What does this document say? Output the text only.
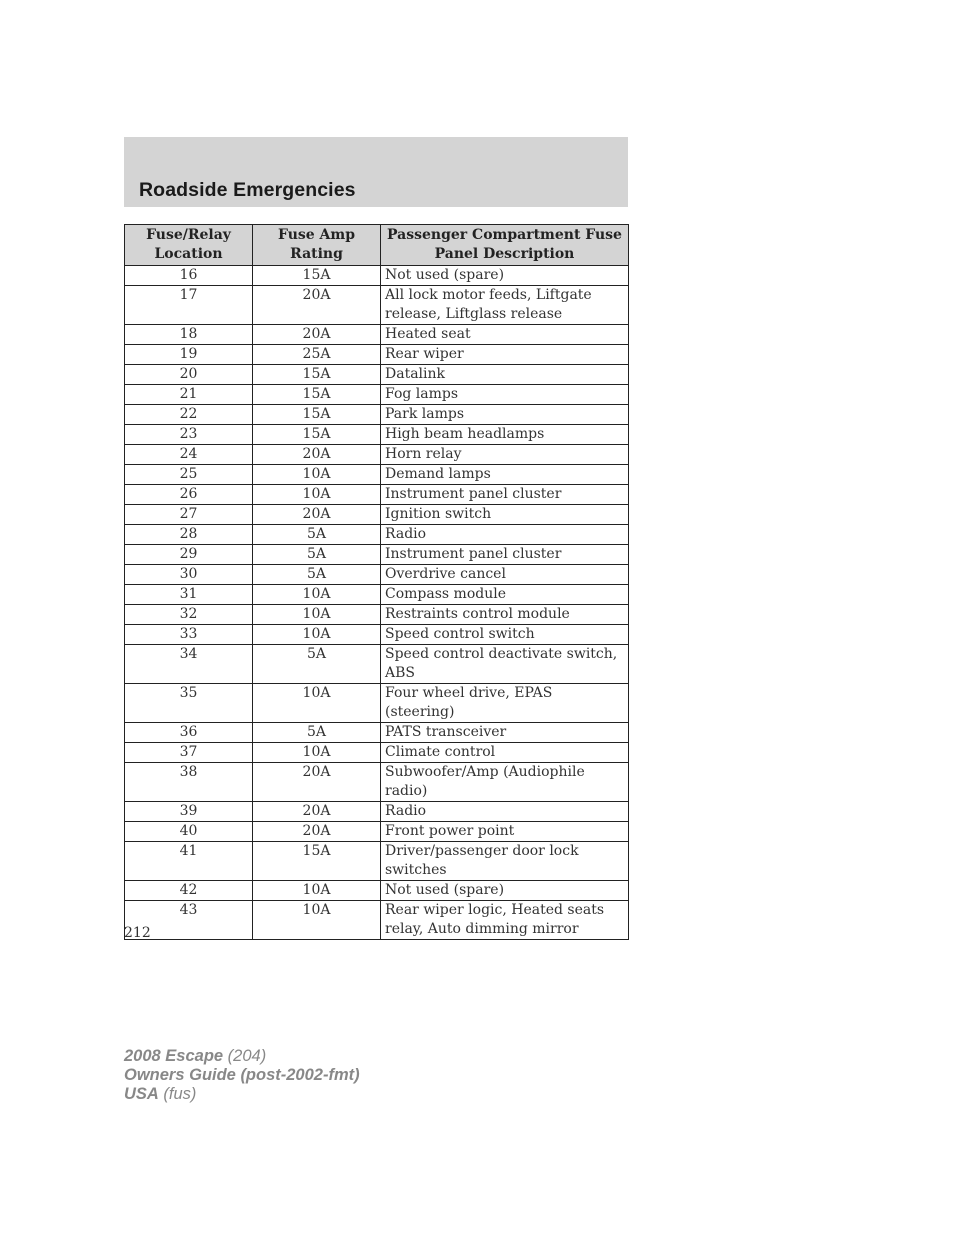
Roadside Emergencies
Fuse/Relay Location	Fuse Amp Rating	Passenger Compartment Fuse Panel Description
16	15A	Not used (spare)
17	20A	All lock motor feeds, Liftgate release, Liftglass release
18	20A	Heated seat
19	25A	Rear wiper
20	15A	Datalink
21	15A	Fog lamps
22	15A	Park lamps
23	15A	High beam headlamps
24	20A	Horn relay
25	10A	Demand lamps
26	10A	Instrument panel cluster
27	20A	Ignition switch
28	5A	Radio
29	5A	Instrument panel cluster
30	5A	Overdrive cancel
31	10A	Compass module
32	10A	Restraints control module
33	10A	Speed control switch
34	5A	Speed control deactivate switch, ABS
35	10A	Four wheel drive, EPAS (steering)
36	5A	PATS transceiver
37	10A	Climate control
38	20A	Subwoofer/Amp (Audiophile radio)
39	20A	Radio
40	20A	Front power point
41	15A	Driver/passenger door lock switches
42	10A	Not used (spare)
43	10A	Rear wiper logic, Heated seats relay, Auto dimming mirror
212
2008 Escape (204)
Owners Guide (post-2002-fmt)
USA (fus)
